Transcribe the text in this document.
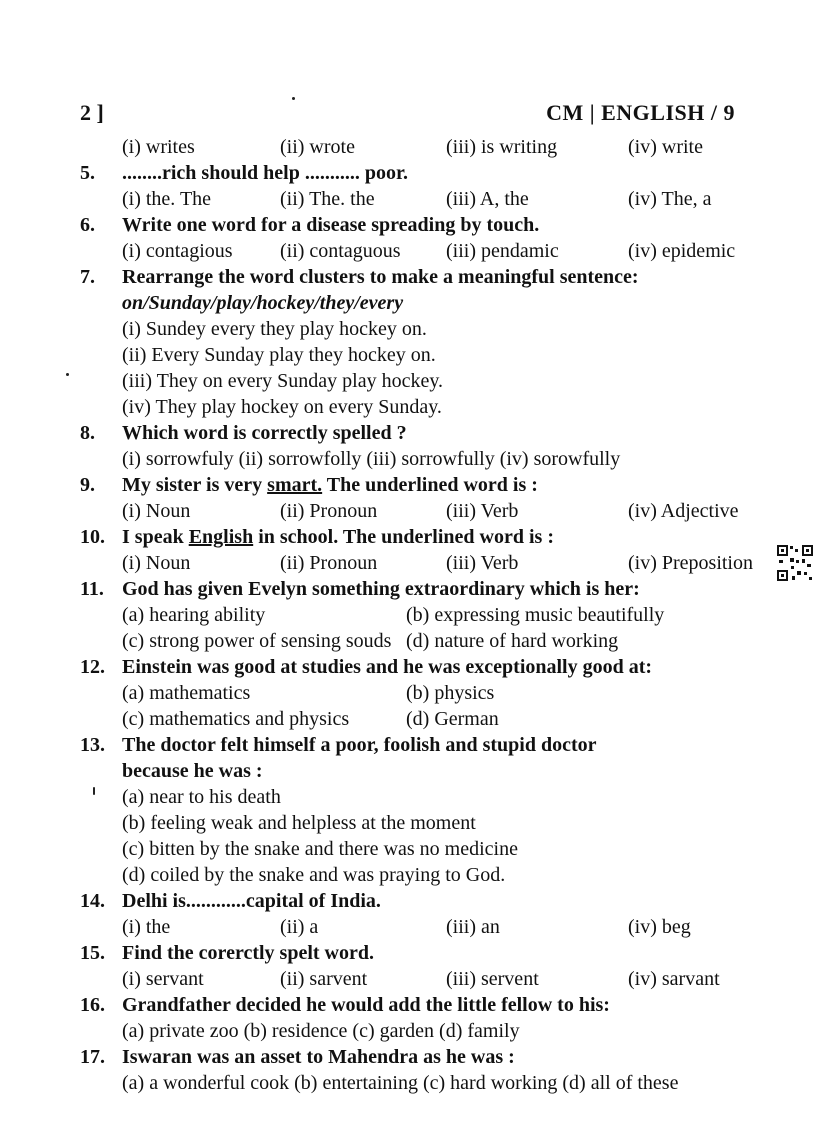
2 ]	CM | ENGLISH / 9
(i) writes	(ii) wrote	(iii) is writing	(iv) write
5. ........rich should help ........... poor.
(i) the. The	(ii) The. the	(iii) A, the	(iv) The, a
6. Write one word for a disease spreading by touch.
(i) contagious (ii) contaguous (iii) pendamic	(iv) epidemic
7. Rearrange the word clusters to make a meaningful sentence:
on/Sunday/play/hockey/they/every
(i) Sundey every they play hockey on.
(ii) Every Sunday play they hockey on.
(iii) They on every Sunday play hockey.
(iv) They play hockey on every Sunday.
8. Which word is correctly spelled ?
(i) sorrowfuly (ii) sorrowfolly (iii) sorrowfully (iv) sorowfully
9. My sister is very smart. The underlined word is :
(i) Noun	(ii) Pronoun	(iii) Verb	(iv) Adjective
10. I speak English in school. The underlined word is :
(i) Noun	(ii) Pronoun	(iii) Verb	(iv) Preposition
11. God has given Evelyn something extraordinary which is her:
(a) hearing ability	(b) expressing music beautifully
(c) strong power of sensing souds (d) nature of hard working
12. Einstein was good at studies and he was exceptionally good at:
(a) mathematics	(b) physics
(c) mathematics and physics	(d) German
13. The doctor felt himself a poor, foolish and stupid doctor
because he was :
(a) near to his death
(b) feeling weak and helpless at the moment
(c) bitten by the snake and there was no medicine
(d) coiled by the snake and was praying to God.
14. Delhi is............capital of India.
(i) the	(ii) a	(iii) an	(iv) beg
15. Find the corerctly spelt word.
(i) servant	(ii) sarvent	(iii) servent	(iv) sarvant
16. Grandfather decided he would add the little fellow to his:
(a) private zoo (b) residence (c) garden (d) family
17. Iswaran was an asset to Mahendra as he was :
(a) a wonderful cook (b) entertaining (c) hard working (d) all of these
